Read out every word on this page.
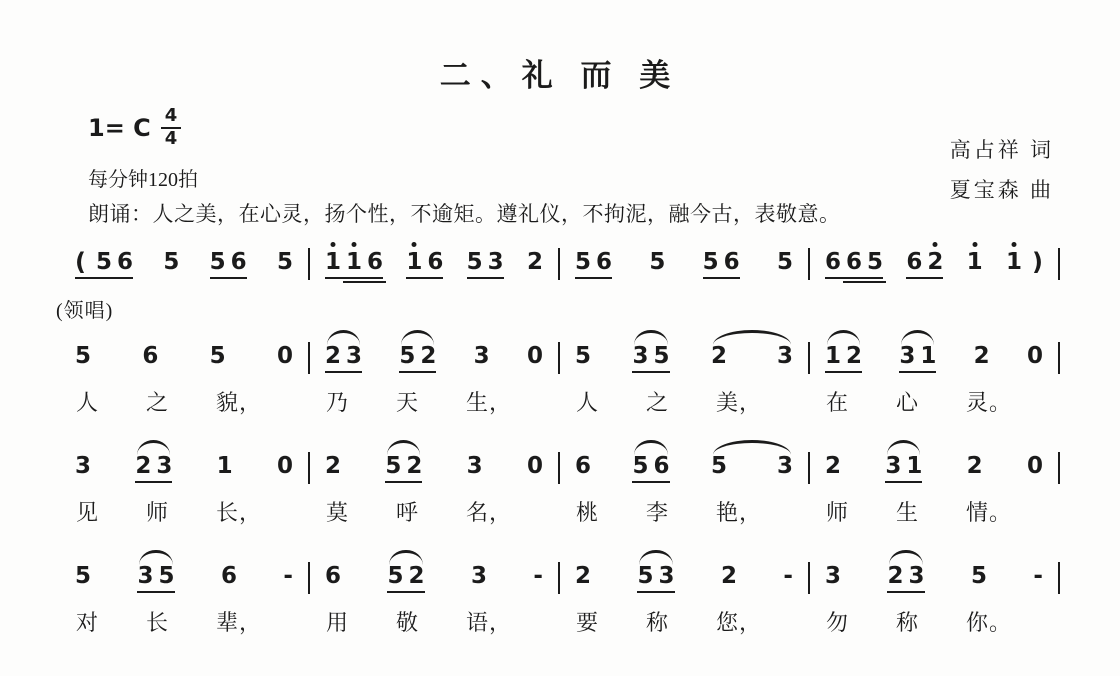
二、礼 而 美
1= C $\frac{4}{4}$
每分钟120拍
朗诵：人之美，在心灵，扬个性，不逾矩。遵礼仪，不拘泥，融今古，表敬意。
高占祥 词
夏宝森 曲
( 5 6 5 5 6 5 1 1 6 1 6 5 3 2 5 6 5 5 6 5 6 6 5 6 2 1 1 )
(领唱)
5 6 5 0 2 3 5 2 3 0 5 3 5 2 3 1 2 3 1 2 0
人 之 貌，	乃 天 生，	人 之 美，	在 心 灵。
3 2 3 1 0 2 5 2 3 0 6 5 6 5 3 2 3 1 2 0
见 师 长，	莫 呼 名，	桃 李 艳，	师 生 情。
5 3 5 6 - 6 5 2 3 - 2 5 3 2 - 3 2 3 5 -
对 长 辈，	用 敬 语，	要 称 您，	勿 称 你。
